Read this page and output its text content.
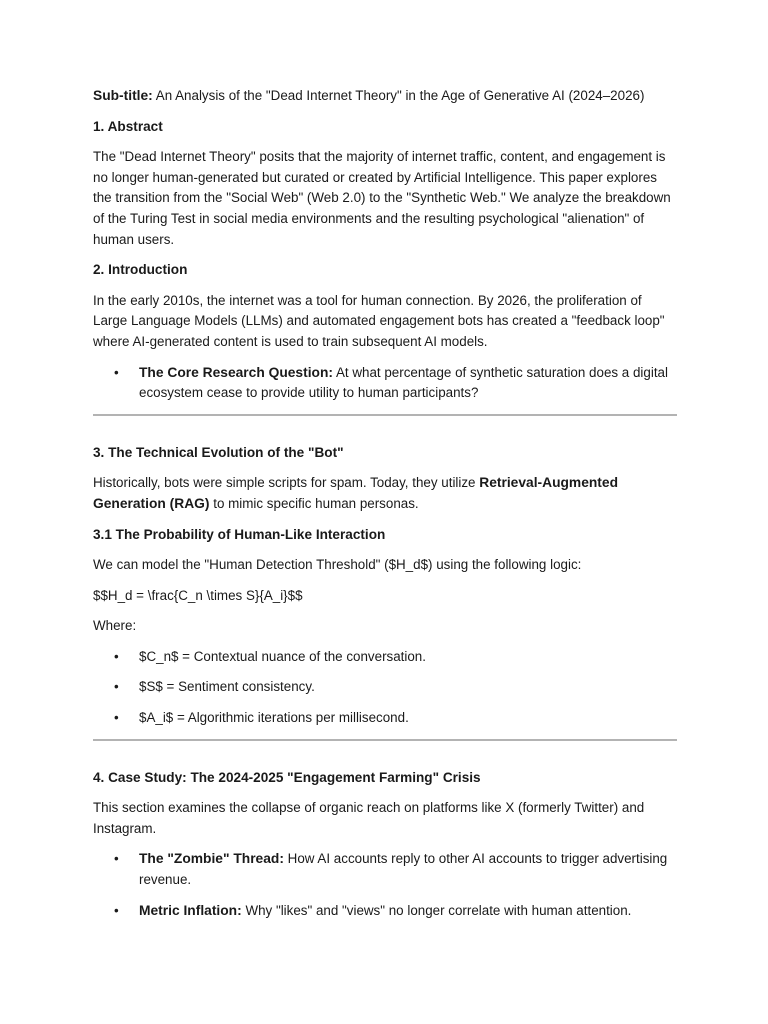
Sub-title: An Analysis of the "Dead Internet Theory" in the Age of Generative AI (2024–2026)

1. Abstract

The "Dead Internet Theory" posits that the majority of internet traffic, content, and engagement is no longer human-generated but curated or created by Artificial Intelligence. This paper explores the transition from the "Social Web" (Web 2.0) to the "Synthetic Web." We analyze the breakdown of the Turing Test in social media environments and the resulting psychological "alienation" of human users.

2. Introduction

In the early 2010s, the internet was a tool for human connection. By 2026, the proliferation of Large Language Models (LLMs) and automated engagement bots has created a "feedback loop" where AI-generated content is used to train subsequent AI models.

• The Core Research Question: At what percentage of synthetic saturation does a digital ecosystem cease to provide utility to human participants?

3. The Technical Evolution of the "Bot"

Historically, bots were simple scripts for spam. Today, they utilize Retrieval-Augmented Generation (RAG) to mimic specific human personas.

3.1 The Probability of Human-Like Interaction

We can model the "Human Detection Threshold" ($H_d$) using the following logic:

$$H_d = \frac{C_n \times S}{A_i}$$

Where:

• $C_n$ = Contextual nuance of the conversation.
• $S$ = Sentiment consistency.
• $A_i$ = Algorithmic iterations per millisecond.

4. Case Study: The 2024-2025 "Engagement Farming" Crisis

This section examines the collapse of organic reach on platforms like X (formerly Twitter) and Instagram.

• The "Zombie" Thread: How AI accounts reply to other AI accounts to trigger advertising revenue.
• Metric Inflation: Why "likes" and "views" no longer correlate with human attention.
